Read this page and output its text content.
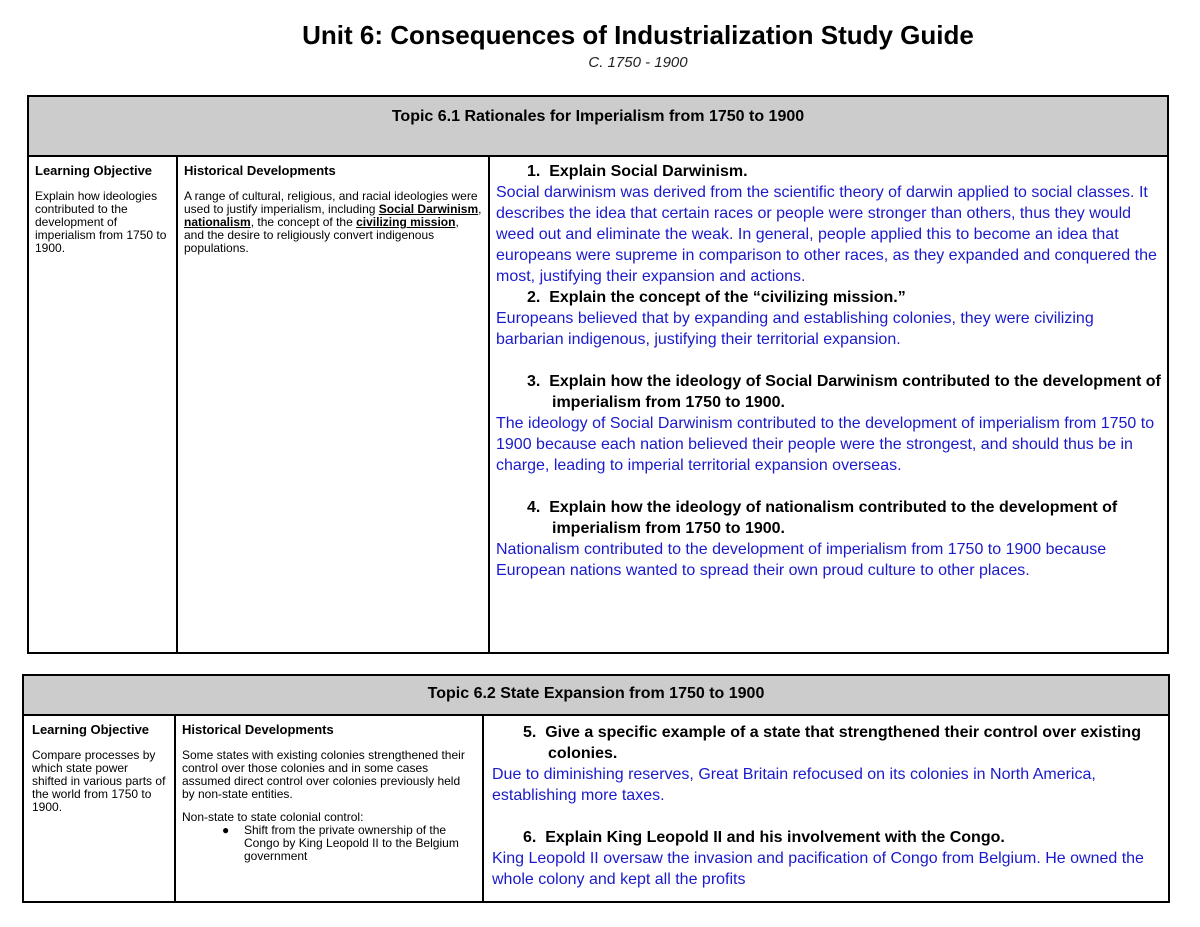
Unit 6: Consequences of Industrialization Study Guide
C. 1750 - 1900
Topic 6.1 Rationales for Imperialism from 1750 to 1900
Learning Objective
Explain how ideologies contributed to the development of imperialism from 1750 to 1900.
Historical Developments
A range of cultural, religious, and racial ideologies were used to justify imperialism, including Social Darwinism, nationalism, the concept of the civilizing mission, and the desire to religiously convert indigenous populations.
1. Explain Social Darwinism.
Social darwinism was derived from the scientific theory of darwin applied to social classes. It describes the idea that certain races or people were stronger than others, thus they would weed out and eliminate the weak. In general, people applied this to become an idea that europeans were supreme in comparison to other races, as they expanded and conquered the most, justifying their expansion and actions.
2. Explain the concept of the “civilizing mission.”
Europeans believed that by expanding and establishing colonies, they were civilizing barbarian indigenous, justifying their territorial expansion.
3. Explain how the ideology of Social Darwinism contributed to the development of imperialism from 1750 to 1900.
The ideology of Social Darwinism contributed to the development of imperialism from 1750 to 1900 because each nation believed their people were the strongest, and should thus be in charge, leading to imperial territorial expansion overseas.
4. Explain how the ideology of nationalism contributed to the development of imperialism from 1750 to 1900.
Nationalism contributed to the development of imperialism from 1750 to 1900 because European nations wanted to spread their own proud culture to other places.
Topic 6.2 State Expansion from 1750 to 1900
Learning Objective
Compare processes by which state power shifted in various parts of the world from 1750 to 1900.
Historical Developments
Some states with existing colonies strengthened their control over those colonies and in some cases assumed direct control over colonies previously held by non-state entities.
Non-state to state colonial control:
●	Shift from the private ownership of the Congo by King Leopold II to the Belgium government
5. Give a specific example of a state that strengthened their control over existing colonies.
Due to diminishing reserves, Great Britain refocused on its colonies in North America, establishing more taxes.
6. Explain King Leopold II and his involvement with the Congo.
King Leopold II oversaw the invasion and pacification of Congo from Belgium. He owned the whole colony and kept all the profits
